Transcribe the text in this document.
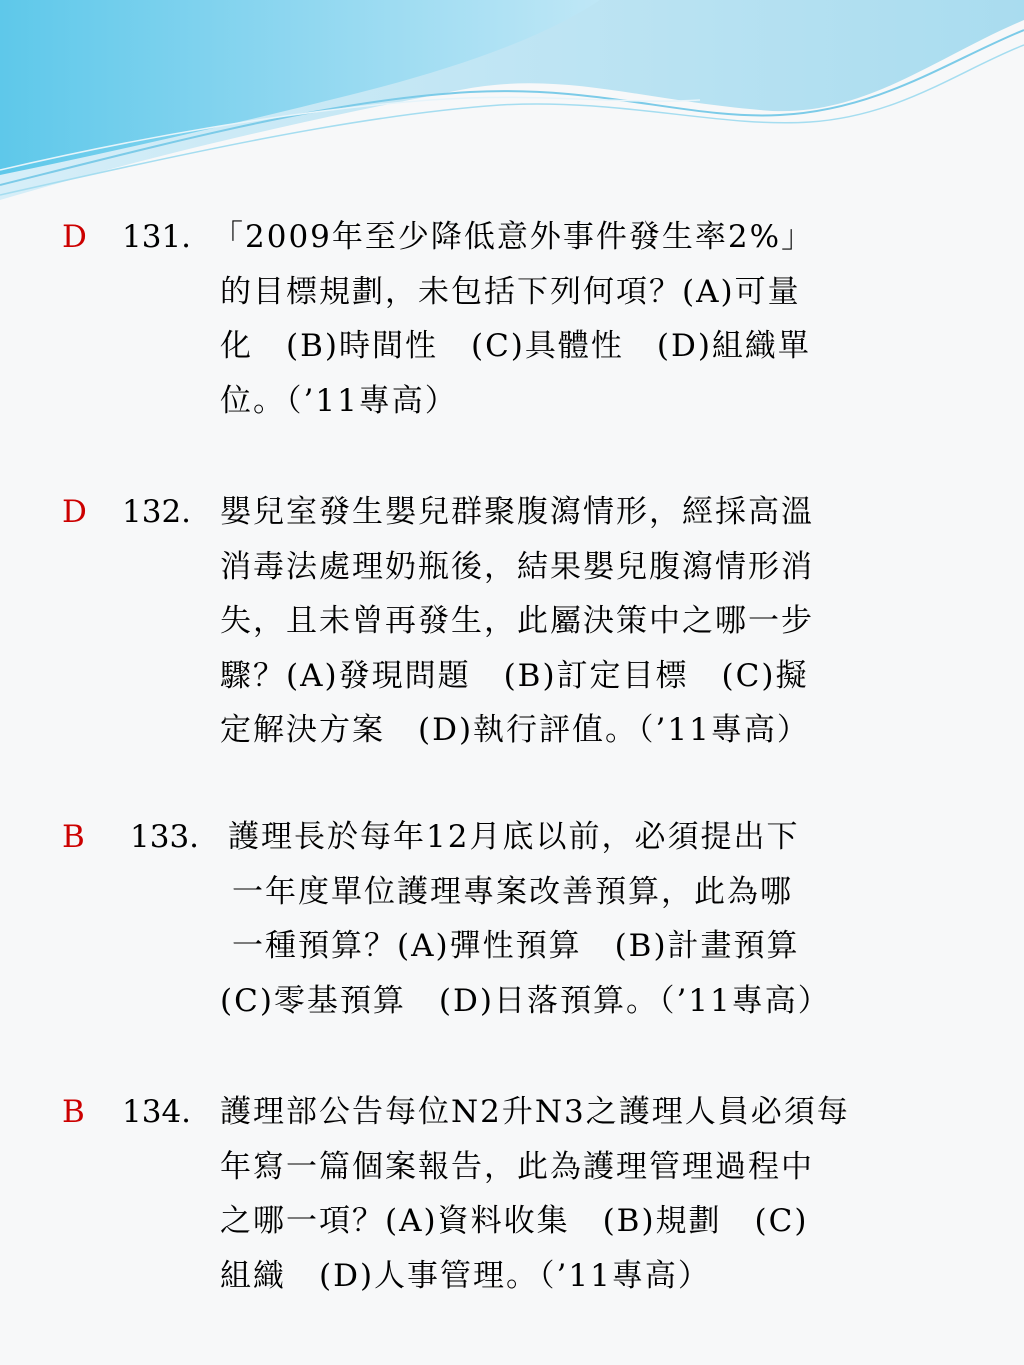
D 131. 「2009年至少降低意外事件發生率2%」
的目標規劃，未包括下列何項？(A)可量
化　(B)時間性　(C)具體性　(D)組織單
位。（’11專高）
D 132. 嬰兒室發生嬰兒群聚腹瀉情形，經採高溫
消毒法處理奶瓶後，結果嬰兒腹瀉情形消
失，且未曾再發生，此屬決策中之哪一步
驟？(A)發現問題　(B)訂定目標　(C)擬
定解決方案　(D)執行評值。（’11專高）
B 133. 護理長於每年12月底以前，必須提出下
一年度單位護理專案改善預算，此為哪
一種預算？(A)彈性預算　(B)計畫預算
(C)零基預算　(D)日落預算。（’11專高）
B 134. 護理部公告每位N2升N3之護理人員必須每
年寫一篇個案報告，此為護理管理過程中
之哪一項？(A)資料收集　(B)規劃　(C)
組織　(D)人事管理。（’11專高）
